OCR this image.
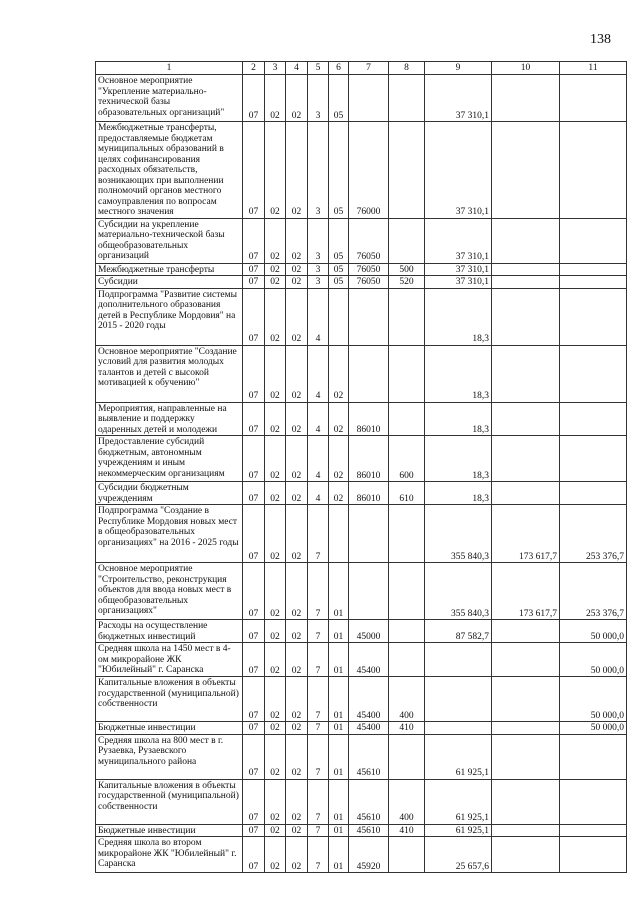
138
1	2	3	4	5	6	7	8	9	10	11
Основное мероприятие "Укрепление материально-технической базы образовательных организаций"	07	02	02	3	05			37 310,1		
Межбюджетные трансферты, предоставляемые бюджетам муниципальных образований в целях софинансирования расходных обязательств, возникающих при выполнении полномочий органов местного самоуправления по вопросам местного значения	07	02	02	3	05	76000		37 310,1		
Субсидии на укрепление материально-технической базы общеобразовательных организаций	07	02	02	3	05	76050		37 310,1		
Межбюджетные трансферты	07	02	02	3	05	76050	500	37 310,1		
Субсидии	07	02	02	3	05	76050	520	37 310,1		
Подпрограмма "Развитие системы дополнительного образования детей в Республике Мордовия" на 2015 - 2020 годы	07	02	02	4				18,3		
Основное мероприятие "Создание условий для развития молодых талантов и детей с высокой мотивацией к обучению"	07	02	02	4	02			18,3		
Мероприятия, направленные на выявление и поддержку одаренных детей и молодежи	07	02	02	4	02	86010		18,3		
Предоставление субсидий бюджетным, автономным учреждениям и иным некоммерческим организациям	07	02	02	4	02	86010	600	18,3		
Субсидии бюджетным учреждениям	07	02	02	4	02	86010	610	18,3		
Подпрограмма "Создание в Республике Мордовия новых мест в общеобразовательных организациях" на 2016 - 2025 годы	07	02	02	7				355 840,3	173 617,7	253 376,7
Основное мероприятие "Строительство, реконструкция объектов для ввода новых мест в общеобразовательных организациях"	07	02	02	7	01			355 840,3	173 617,7	253 376,7
Расходы на осуществление бюджетных инвестиций	07	02	02	7	01	45000		87 582,7		50 000,0
Средняя школа на 1450 мест в 4-ом микрорайоне ЖК "Юбилейный" г. Саранска	07	02	02	7	01	45400				50 000,0
Капитальные вложения в объекты государственной (муниципальной) собственности	07	02	02	7	01	45400	400			50 000,0
Бюджетные инвестиции	07	02	02	7	01	45400	410			50 000,0
Средняя школа на 800 мест в г. Рузаевка, Рузаевского муниципального района	07	02	02	7	01	45610		61 925,1		
Капитальные вложения в объекты государственной (муниципальной) собственности	07	02	02	7	01	45610	400	61 925,1		
Бюджетные инвестиции	07	02	02	7	01	45610	410	61 925,1		
Средняя школа во втором микрорайоне ЖК "Юбилейный" г. Саранска	07	02	02	7	01	45920		25 657,6		
